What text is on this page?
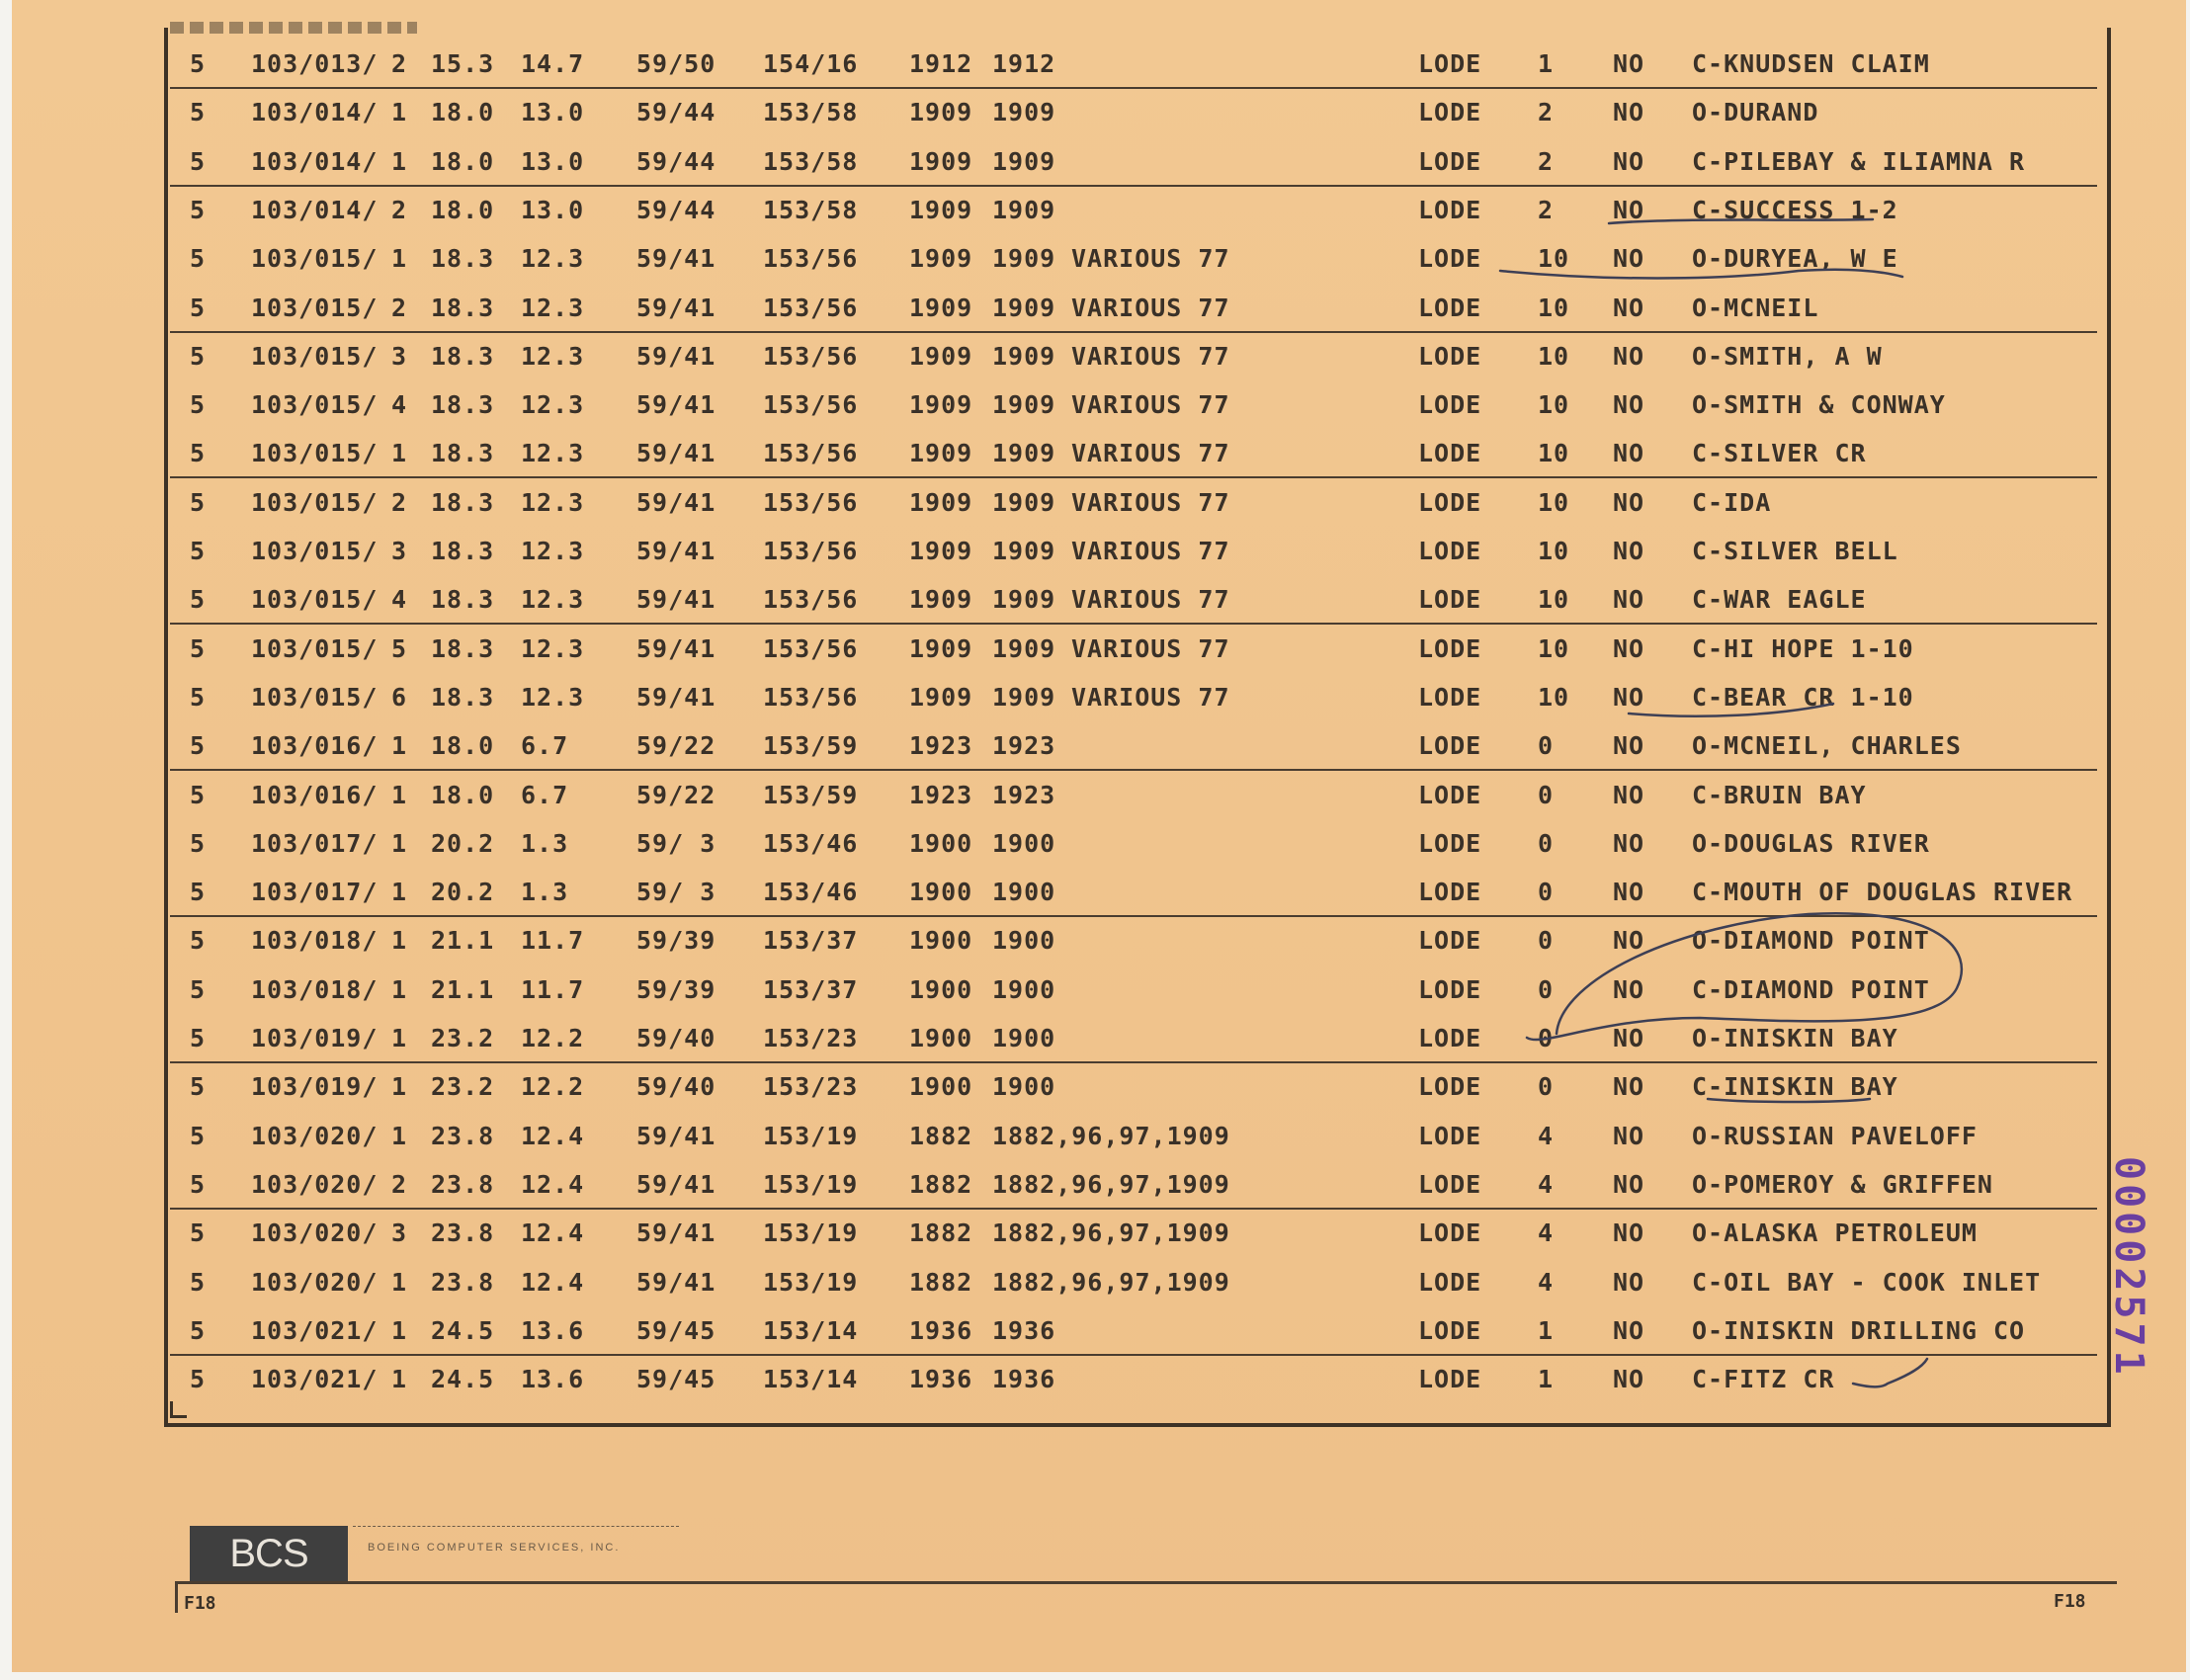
5 103/013/ 2 15.3 14.7 59/50 154/16 1912 1912	LODE 1 NO C-KNUDSEN CLAIM
5 103/014/ 1 18.0 13.0 59/44 153/58 1909 1909	LODE 2 NO O-DURAND
5 103/014/ 1 18.0 13.0 59/44 153/58 1909 1909	LODE 2 NO C-PILEBAY & ILIAMNA R
5 103/014/ 2 18.0 13.0 59/44 153/58 1909 1909	LODE 2 NO C-SUCCESS 1-2
5 103/015/ 1 18.3 12.3 59/41 153/56 1909 1909 VARIOUS 77	LODE 10 NO O-DURYEA, W E
5 103/015/ 2 18.3 12.3 59/41 153/56 1909 1909 VARIOUS 77	LODE 10 NO O-MCNEIL
5 103/015/ 3 18.3 12.3 59/41 153/56 1909 1909 VARIOUS 77	LODE 10 NO O-SMITH, A W
5 103/015/ 4 18.3 12.3 59/41 153/56 1909 1909 VARIOUS 77	LODE 10 NO O-SMITH & CONWAY
5 103/015/ 1 18.3 12.3 59/41 153/56 1909 1909 VARIOUS 77	LODE 10 NO C-SILVER CR
5 103/015/ 2 18.3 12.3 59/41 153/56 1909 1909 VARIOUS 77	LODE 10 NO C-IDA
5 103/015/ 3 18.3 12.3 59/41 153/56 1909 1909 VARIOUS 77	LODE 10 NO C-SILVER BELL
5 103/015/ 4 18.3 12.3 59/41 153/56 1909 1909 VARIOUS 77	LODE 10 NO C-WAR EAGLE
5 103/015/ 5 18.3 12.3 59/41 153/56 1909 1909 VARIOUS 77	LODE 10 NO C-HI HOPE 1-10
5 103/015/ 6 18.3 12.3 59/41 153/56 1909 1909 VARIOUS 77	LODE 10 NO C-BEAR CR 1-10
5 103/016/ 1 18.0 6.7	59/22 153/59 1923 1923	LODE 0 NO O-MCNEIL, CHARLES
5 103/016/ 1 18.0 6.7	59/22 153/59 1923 1923	LODE 0 NO C-BRUIN BAY
5 103/017/ 1 20.2 1.3	59/ 3 153/46 1900 1900	LODE 0 NO O-DOUGLAS RIVER
5 103/017/ 1 20.2 1.3	59/ 3 153/46 1900 1900	LODE 0 NO C-MOUTH OF DOUGLAS RIVER
5 103/018/ 1 21.1 11.7 59/39 153/37 1900 1900	LODE 0 NO O-DIAMOND POINT
5 103/018/ 1 21.1 11.7 59/39 153/37 1900 1900	LODE 0 NO C-DIAMOND POINT
5 103/019/ 1 23.2 12.2 59/40 153/23 1900 1900	LODE 0 NO O-INISKIN BAY
5 103/019/ 1 23.2 12.2 59/40 153/23 1900 1900	LODE 0 NO C-INISKIN BAY
5 103/020/ 1 23.8 12.4 59/41 153/19 1882 1882,96,97,1909	LODE 4 NO O-RUSSIAN PAVELOFF
5 103/020/ 2 23.8 12.4 59/41 153/19 1882 1882,96,97,1909	LODE 4 NO O-POMEROY & GRIFFEN
5 103/020/ 3 23.8 12.4 59/41 153/19 1882 1882,96,97,1909	LODE 4 NO O-ALASKA PETROLEUM
5 103/020/ 1 23.8 12.4 59/41 153/19 1882 1882,96,97,1909	LODE 4 NO C-OIL BAY - COOK INLET
5 103/021/ 1 24.5 13.6 59/45 153/14 1936 1936	LODE 1 NO O-INISKIN DRILLING CO
5 103/021/ 1 24.5 13.6 59/45 153/14 1936 1936	LODE 1 NO C-FITZ CR
00002571
BCS	BOEING COMPUTER SERVICES, INC.
F18	F18
